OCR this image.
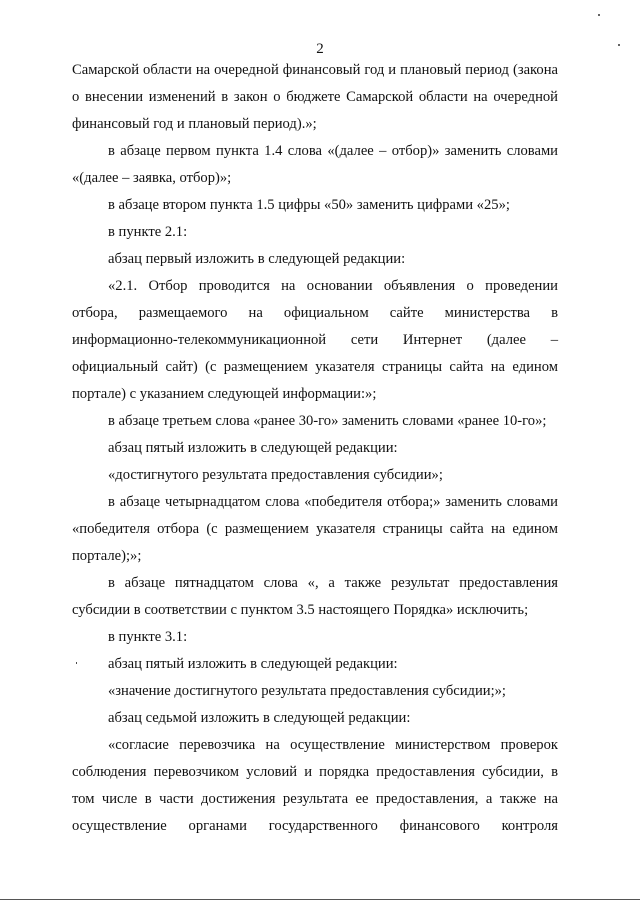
2
Самарской области на очередной финансовый год и плановый период (закона
о внесении изменений в закон о бюджете Самарской области на очередной
финансовый год и плановый период).»;
в абзаце первом пункта 1.4 слова «(далее – отбор)» заменить словами
«(далее – заявка, отбор)»;
в абзаце втором пункта 1.5 цифры «50» заменить цифрами «25»;
в пункте 2.1:
абзац первый изложить в следующей редакции:
«2.1. Отбор проводится на основании объявления о проведении
отбора, размещаемого на официальном сайте министерства в
информационно-телекоммуникационной сети Интернет (далее –
официальный сайт) (с размещением указателя страницы сайта на едином
портале) с указанием следующей информации:»;
в абзаце третьем слова «ранее 30-го» заменить словами «ранее 10-го»;
абзац пятый изложить в следующей редакции:
«достигнутого результата предоставления субсидии»;
в абзаце четырнадцатом слова «победителя отбора;» заменить словами
«победителя отбора (с размещением указателя страницы сайта на едином
портале);»;
в абзаце пятнадцатом слова «, а также результат предоставления
субсидии в соответствии с пунктом 3.5 настоящего Порядка» исключить;
в пункте 3.1:
абзац пятый изложить в следующей редакции:
«значение достигнутого результата предоставления субсидии;»;
абзац седьмой изложить в следующей редакции:
«согласие перевозчика на осуществление министерством проверок
соблюдения перевозчиком условий и порядка предоставления субсидии, в
том числе в части достижения результата ее предоставления, а также на
осуществление органами государственного финансового контроля
